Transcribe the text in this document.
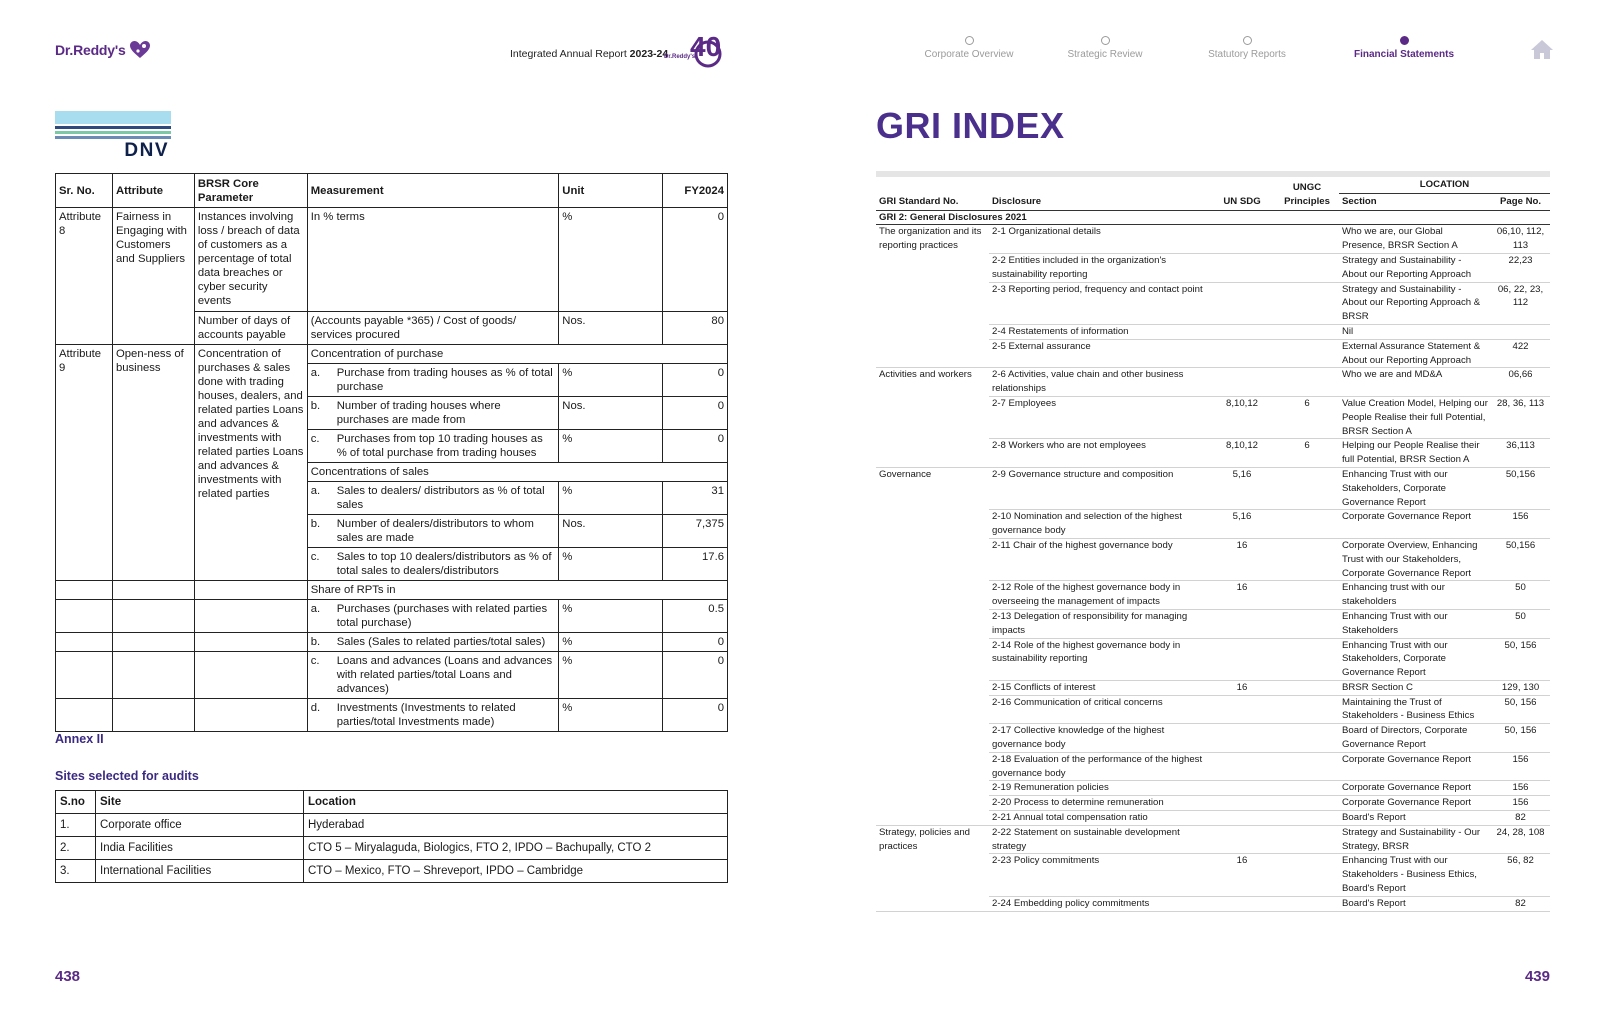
Dr.Reddy's	Integrated Annual Report 2023-24 40
Dr.Reddy's	Corporate Overview	Strategic Review	Statutory Reports	Financial Statements
DNV
Sr. No.	Attribute	BRSR Core Parameter	Measurement	Unit	FY2024
Attribute 8	Fairness in Engaging with Customers and Suppliers	Instances involving loss / breach of data of customers as a percentage of total data breaches or cyber security events	In % terms	%	0
		Number of days of accounts payable	(Accounts payable *365) / Cost of goods/ services procured	Nos.	80
Attribute 9	Open-ness of business	Concentration of purchases & sales done with trading houses, dealers, and related parties Loans and advances & investments with related parties Loans and advances & investments with related parties	Concentration of purchase		

			a. Purchase from trading houses as % of total purchase	%	0

			b. Number of trading houses where purchases are made from	Nos.	0

			c. Purchases from top 10 trading houses as % of total purchase from trading houses	%	0
			Concentrations of sales		

			a. Sales to dealers/ distributors as % of total sales	%	31

			b. Number of dealers/distributors to whom sales are made	Nos.	7,375

			c. Sales to top 10 dealers/distributors as % of total sales to dealers/distributors	%	17.6
			Share of RPTs in		

			a. Purchases (purchases with related parties total purchase)	%	0.5

			b. Sales (Sales to related parties/total sales)	%	0

			c. Loans and advances (Loans and advances with related parties/total Loans and advances)	%	0

			d. Investments (Investments to related parties/total Investments made)	%	0
Annex II
Sites selected for audits
S.no	Site	Location
1.	Corporate office	Hyderabad
2.	India Facilities	CTO 5 – Miryalaguda, Biologics, FTO 2, IPDO – Bachupally, CTO 2
3.	International Facilities	CTO – Mexico, FTO – Shreveport, IPDO – Cambridge
438
GRI INDEX
GRI Standard No.	Disclosure	UN SDG	UNGC Principles	LOCATION	
				Section	Page No.
GRI 2: General Disclosures 2021					
The organization and its reporting practices	2-1 Organizational details			Who we are, our Global Presence, BRSR Section A	06,10, 112, 113
	2-2 Entities included in the organization's sustainability reporting			Strategy and Sustainability - About our Reporting Approach	22,23
	2-3 Reporting period, frequency and contact point			Strategy and Sustainability - About our Reporting Approach & BRSR	06, 22, 23, 112
	2-4 Restatements of information			Nil	
	2-5 External assurance			External Assurance Statement & About our Reporting Approach	422
Activities and workers	2-6 Activities, value chain and other business relationships			Who we are and MD&A	06,66
	2-7 Employees	8,10,12	6	Value Creation Model, Helping our People Realise their full Potential, BRSR Section A	28, 36, 113
	2-8 Workers who are not employees	8,10,12	6	Helping our People Realise their full Potential, BRSR Section A	36,113
Governance	2-9 Governance structure and composition	5,16		Enhancing Trust with our Stakeholders, Corporate Governance Report	50,156
	2-10 Nomination and selection of the highest governance body	5,16		Corporate Governance Report	156
	2-11 Chair of the highest governance body	16		Corporate Overview, Enhancing Trust with our Stakeholders, Corporate Governance Report	50,156
	2-12 Role of the highest governance body in overseeing the management of impacts	16		Enhancing trust with our stakeholders	50
	2-13 Delegation of responsibility for managing impacts			Enhancing Trust with our Stakeholders	50
	2-14 Role of the highest governance body in sustainability reporting			Enhancing Trust with our Stakeholders, Corporate Governance Report	50, 156
	2-15 Conflicts of interest	16		BRSR Section C	129, 130
	2-16 Communication of critical concerns			Maintaining the Trust of Stakeholders - Business Ethics	50, 156
	2-17 Collective knowledge of the highest governance body			Board of Directors, Corporate Governance Report	50, 156
	2-18 Evaluation of the performance of the highest governance body			Corporate Governance Report	156
	2-19 Remuneration policies			Corporate Governance Report	156
	2-20 Process to determine remuneration			Corporate Governance Report	156
	2-21 Annual total compensation ratio			Board's Report	82
Strategy, policies and practices	2-22 Statement on sustainable development strategy			Strategy and Sustainability - Our Strategy, BRSR	24, 28, 108
	2-23 Policy commitments	16		Enhancing Trust with our Stakeholders - Business Ethics, Board's Report	56, 82
	2-24 Embedding policy commitments			Board's Report	82
439
